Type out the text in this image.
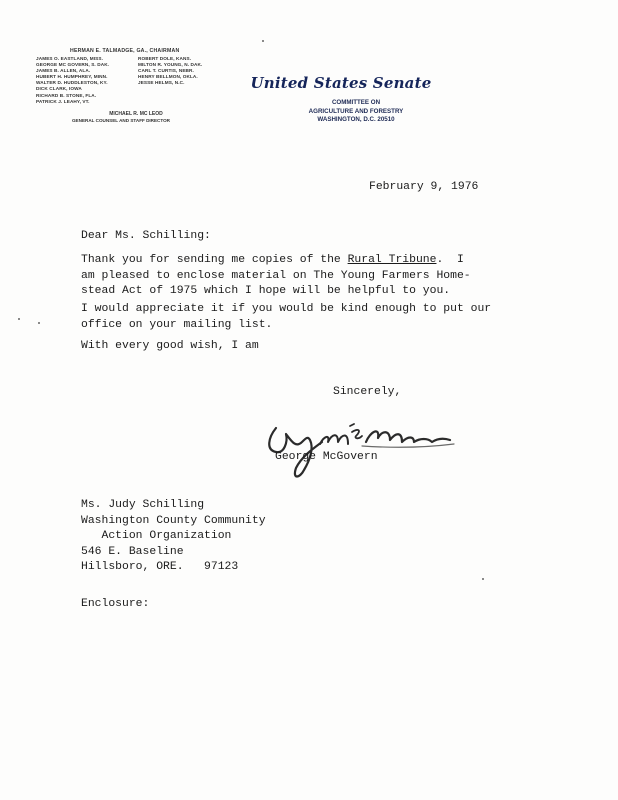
HERMAN E. TALMADGE, GA., CHAIRMAN
JAMES O. EASTLAND, MISS.
GEORGE MC GOVERN, S. DAK.
JAMES B. ALLEN, ALA.
HUBERT H. HUMPHREY, MINN.
WALTER D. HUDDLESTON, KY.
DICK CLARK, IOWA
RICHARD B. STONE, FLA.
PATRICK J. LEAHY, VT.
ROBERT DOLE, KANS.
MILTON R. YOUNG, N. DAK.
CARL T. CURTIS, NEBR.
HENRY BELLMON, OKLA.
JESSE HELMS, N.C.
MICHAEL R. MC LEOD
GENERAL COUNSEL AND STAFF DIRECTOR
United States Senate
COMMITTEE ON
AGRICULTURE AND FORESTRY
WASHINGTON, D.C. 20510
February 9, 1976
Dear Ms. Schilling:
Thank you for sending me copies of the Rural Tribune.  I
am pleased to enclose material on The Young Farmers Home-
stead Act of 1975 which I hope will be helpful to you.
I would appreciate it if you would be kind enough to put our
office on your mailing list.
With every good wish, I am
Sincerely,
George McGovern
Ms. Judy Schilling
Washington County Community
Action Organization
546 E. Baseline
Hillsboro, ORE.   97123
Enclosure:
